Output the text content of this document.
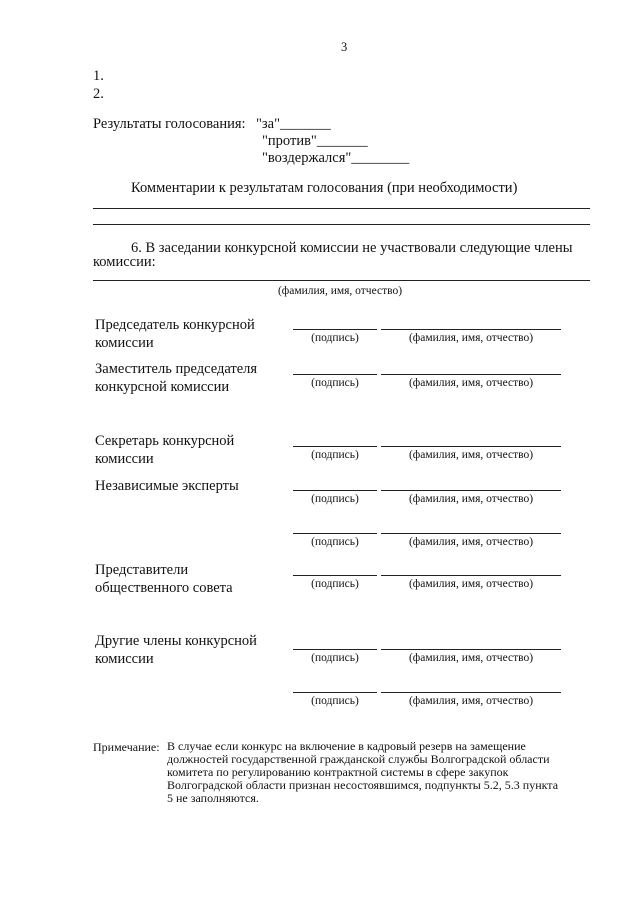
3
1.
2.
Результаты голосования: "за"_______
"против"_______
"воздержался"________
Комментарии к результатам голосования (при необходимости)
6. В заседании конкурсной комиссии не участвовали следующие члены
комиссии:
(фамилия, имя, отчество)
Председатель конкурсной
комиссии	(подпись)	(фамилия, имя, отчество)
Заместитель председателя
конкурсной комиссии	(подпись)	(фамилия, имя, отчество)
Секретарь конкурсной
комиссии	(подпись)	(фамилия, имя, отчество)
Независимые эксперты
(подпись)	(фамилия, имя, отчество)
(подпись)	(фамилия, имя, отчество)
Представители
общественного совета	(подпись)	(фамилия, имя, отчество)
Другие члены конкурсной
комиссии	(подпись)	(фамилия, имя, отчество)
(подпись)	(фамилия, имя, отчество)
Примечание: В случае если конкурс на включение в кадровый резерв на замещение
должностей государственной гражданской службы Волгоградской области
комитета по регулированию контрактной системы в сфере закупок
Волгоградской области признан несостоявшимся, подпункты 5.2, 5.3 пункта
5 не заполняются.
